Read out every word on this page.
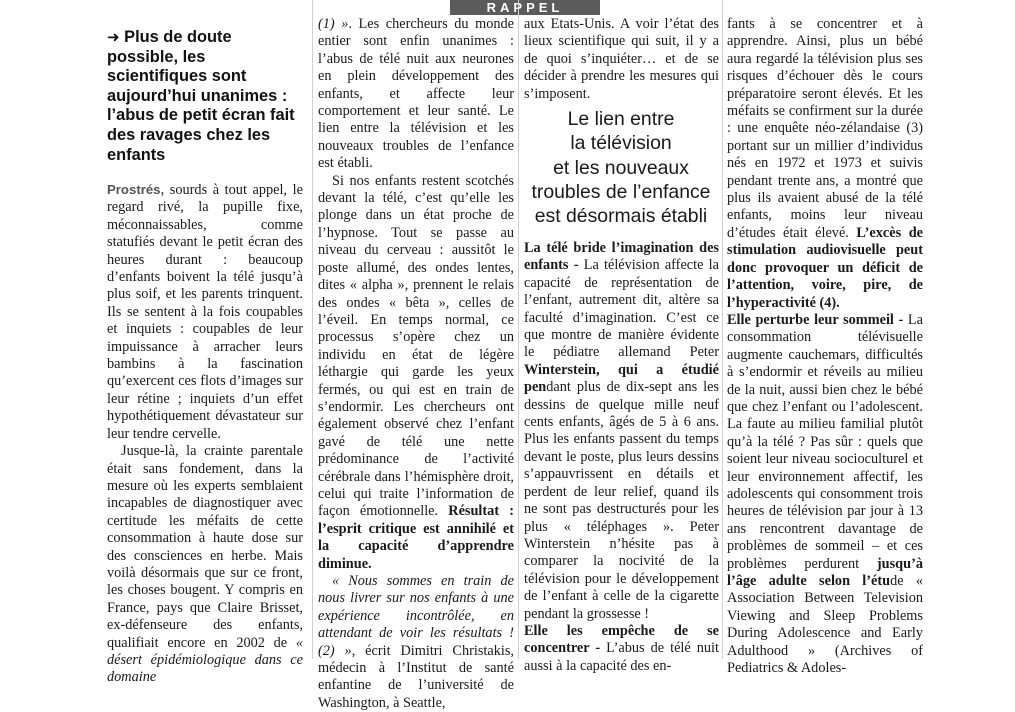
RAPPEL
➜ Plus de doute possible, les scientifiques sont aujourd’hui unanimes : l’abus de petit écran fait des ravages chez les enfants

Prostrés, sourds à tout appel, le regard rivé, la pupille fixe, méconnaissables, comme statufiés devant le petit écran des heures durant : beaucoup d’enfants boivent la télé jusqu’à plus soif, et les parents trinquent. Ils se sentent à la fois coupables et inquiets : coupables de leur impuissance à arracher leurs bambins à la fascination qu’exercent ces flots d’images sur leur rétine ; inquiets d’un effet hypothétiquement dévastateur sur leur tendre cervelle.

Jusque-là, la crainte parentale était sans fondement, dans la mesure où les experts semblaient incapables de diagnostiquer avec certitude les méfaits de cette consommation à haute dose sur des consciences en herbe. Mais voilà désormais que sur ce front, les choses bougent. Y compris en France, pays que Claire Brisset, ex-défenseure des enfants, qualifiait encore en 2002 de « désert épidémiologique dans ce domaine

(1) ». Les chercheurs du monde entier sont enfin unanimes : l’abus de télé nuit aux neurones en plein développement des enfants, et affecte leur comportement et leur santé. Le lien entre la télévision et les nouveaux troubles de l’enfance est établi.

Si nos enfants restent scotchés devant la télé, c’est qu’elle les plonge dans un état proche de l’hypnose. Tout se passe au niveau du cerveau : aussitôt le poste allumé, des ondes lentes, dites « alpha », prennent le relais des ondes « bêta », celles de l’éveil. En temps normal, ce processus s’opère chez un individu en état de légère léthargie qui garde les yeux fermés, ou qui est en train de s’endormir. Les chercheurs ont également observé chez l’enfant gavé de télé une nette prédominance de l’activité cérébrale dans l’hémisphère droit, celui qui traite l’information de façon émotionnelle. Résultat : l’esprit critique est annihilé et la capacité d’apprendre diminue.

« Nous sommes en train de nous livrer sur nos enfants à une expérience incontrôlée, en attendant de voir les résultats ! (2) », écrit Dimitri Christakis, médecin à l’Institut de santé enfantine de l’université de Washington, à Seattle,

aux Etats-Unis. A voir l’état des lieux scientifique qui suit, il y a de quoi s’inquiéter… et de se décider à prendre les mesures qui s’imposent.

Le lien entre
la télévision
et les nouveaux
troubles de l’enfance
est désormais établi

La télé bride l’imagination des enfants - La télévision affecte la capacité de représentation de l’enfant, autrement dit, altère sa faculté d’imagination. C’est ce que montre de manière évidente le pédiatre allemand Peter Winterstein, qui a étudié pendant plus de dix-sept ans les dessins de quelque mille neuf cents enfants, âgés de 5 à 6 ans. Plus les enfants passent du temps devant le poste, plus leurs dessins s’appauvrissent en détails et perdent de leur relief, quand ils ne sont pas destructurés pour les plus « téléphages ». Peter Winterstein n’hésite pas à comparer la nocivité de la télévision pour le développement de l’enfant à celle de la cigarette pendant la grossesse !

Elle les empêche de se concentrer - L’abus de télé nuit aussi à la capacité des en-

fants à se concentrer et à apprendre. Ainsi, plus un bébé aura regardé la télévision plus ses risques d’échouer dès le cours préparatoire seront élevés. Et les méfaits se confirment sur la durée : une enquête néo-zélandaise (3) portant sur un millier d’individus nés en 1972 et 1973 et suivis pendant trente ans, a montré que plus ils avaient abusé de la télé enfants, moins leur niveau d’études était élevé. L’excès de stimulation audiovisuelle peut donc provoquer un déficit de l’attention, voire, pire, de l’hyperactivité (4).

Elle perturbe leur sommeil - La consommation télévisuelle augmente cauchemars, difficultés à s’endormir et réveils au milieu de la nuit, aussi bien chez le bébé que chez l’enfant ou l’adolescent. La faute au milieu familial plutôt qu’à la télé ? Pas sûr : quels que soient leur niveau socioculturel et leur environnement affectif, les adolescents qui consomment trois heures de télévision par jour à 13 ans rencontrent davantage de problèmes de sommeil – et ces problèmes perdurent jusqu’à l’âge adulte selon l’étude « Association Between Television Viewing and Sleep Problems During Adolescence and Early Adulthood » (Archives of Pediatrics & Adoles-
